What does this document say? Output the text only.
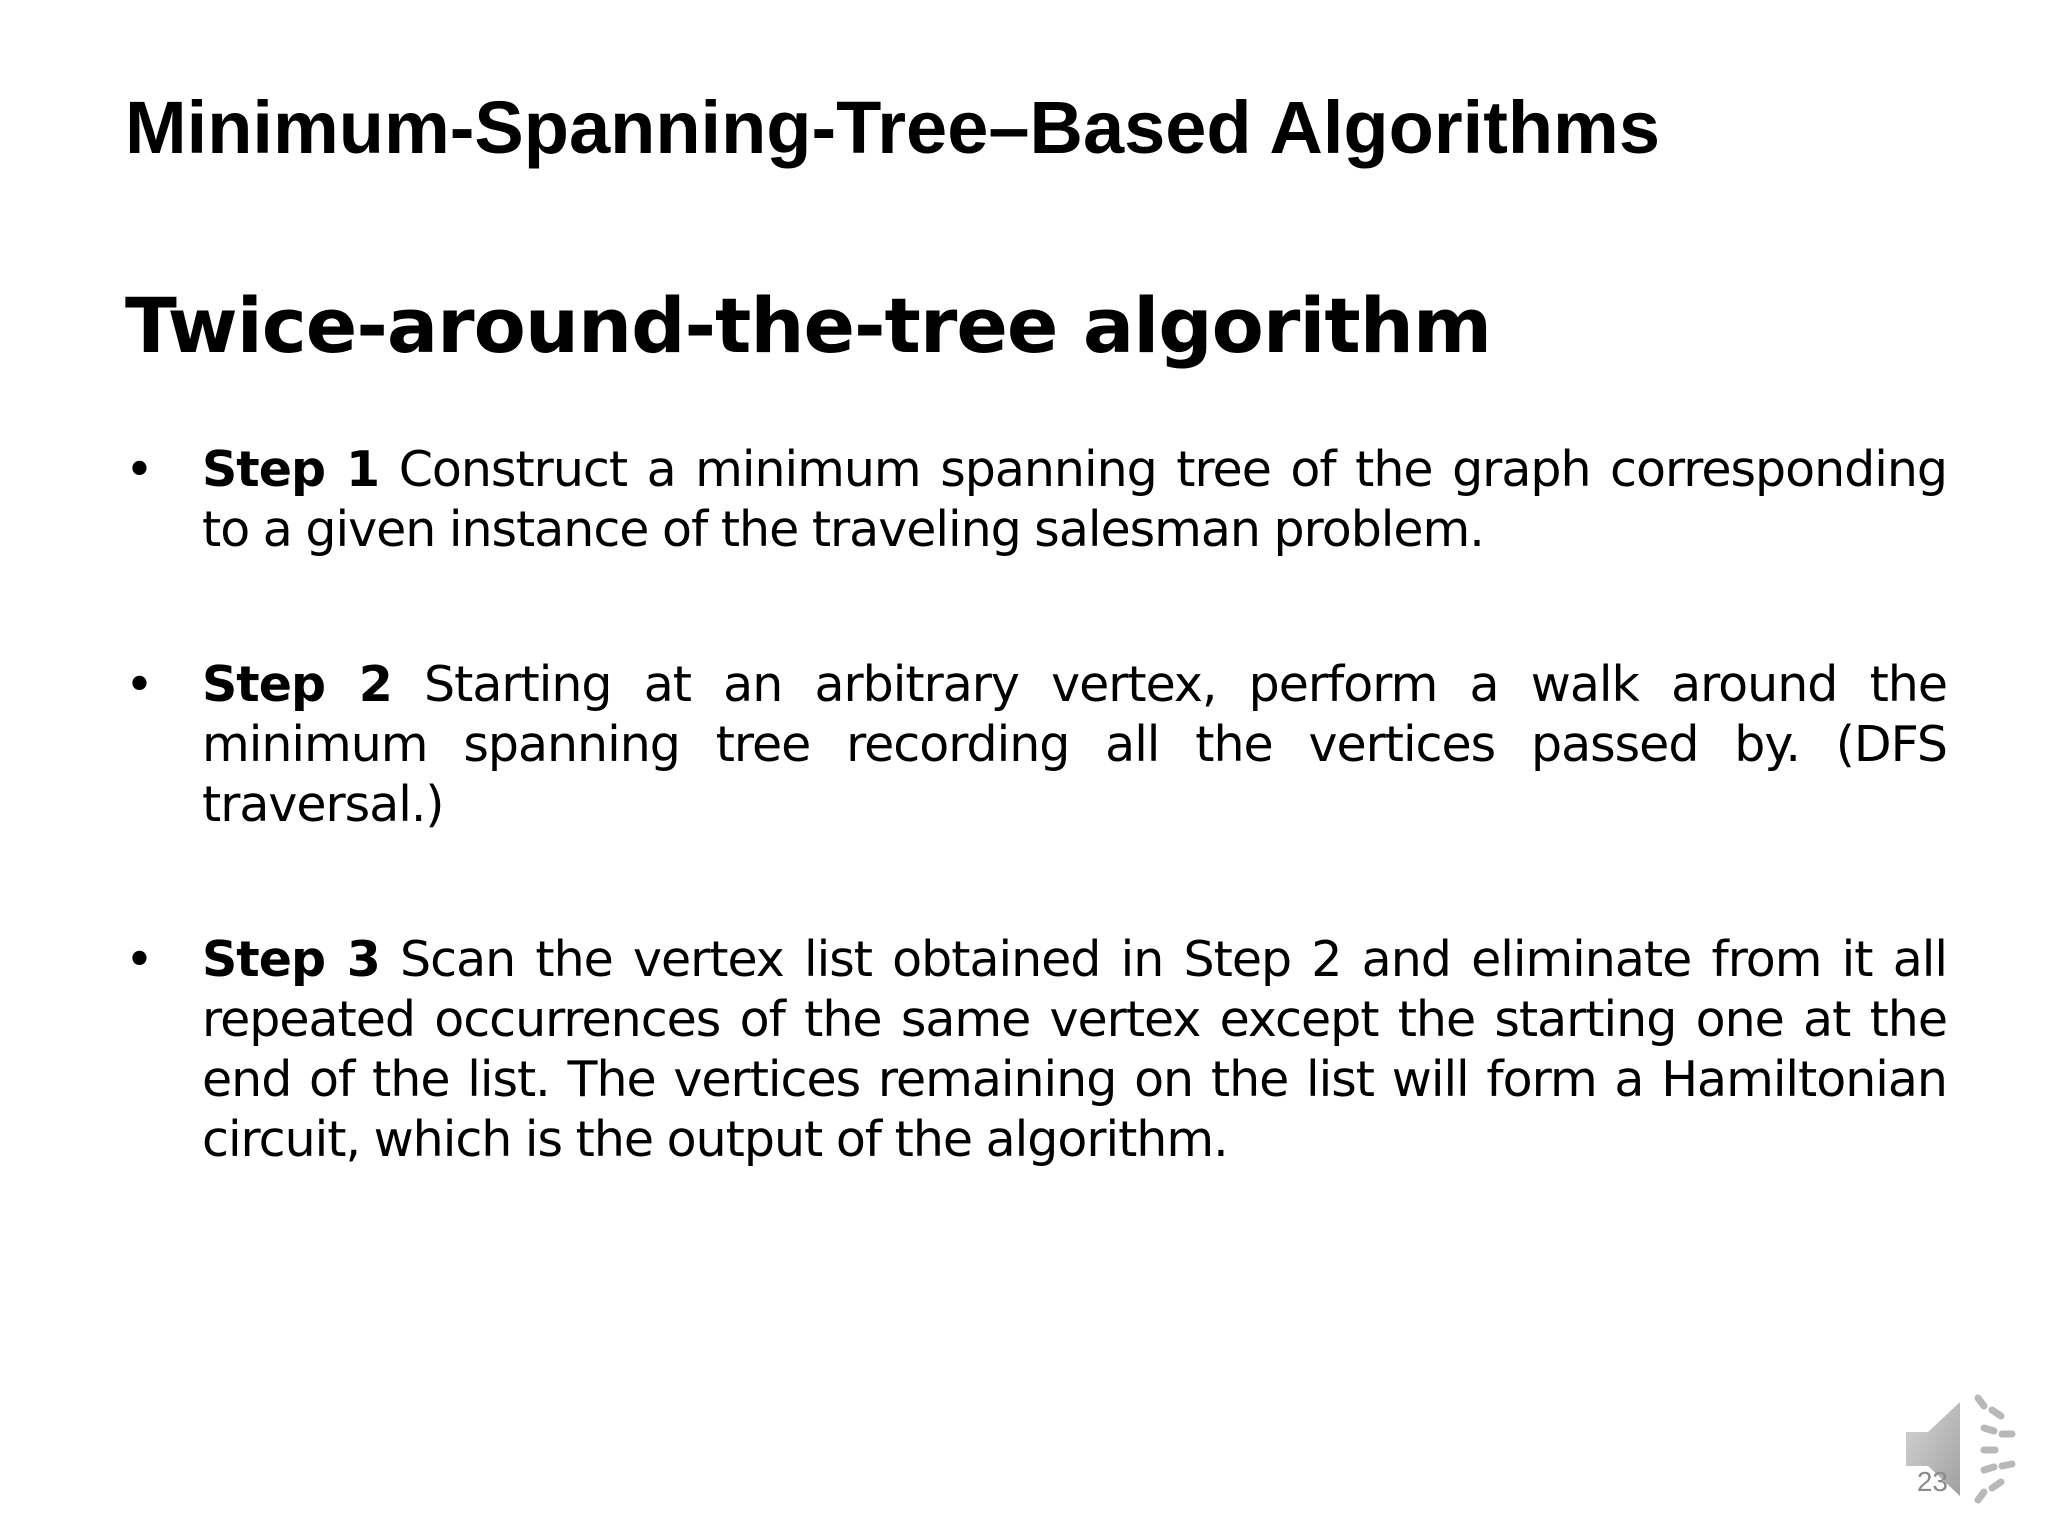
Minimum-Spanning-Tree–Based Algorithms
Twice-around-the-tree algorithm
• Step 1 Construct a minimum spanning tree of the graph corresponding to a given instance of the traveling salesman problem.
• Step 2 Starting at an arbitrary vertex, perform a walk around the minimum spanning tree recording all the vertices passed by. (DFS traversal.)
• Step 3 Scan the vertex list obtained in Step 2 and eliminate from it all repeated occurrences of the same vertex except the starting one at the end of the list. The vertices remaining on the list will form a Hamiltonian circuit, which is the output of the algorithm.
23
